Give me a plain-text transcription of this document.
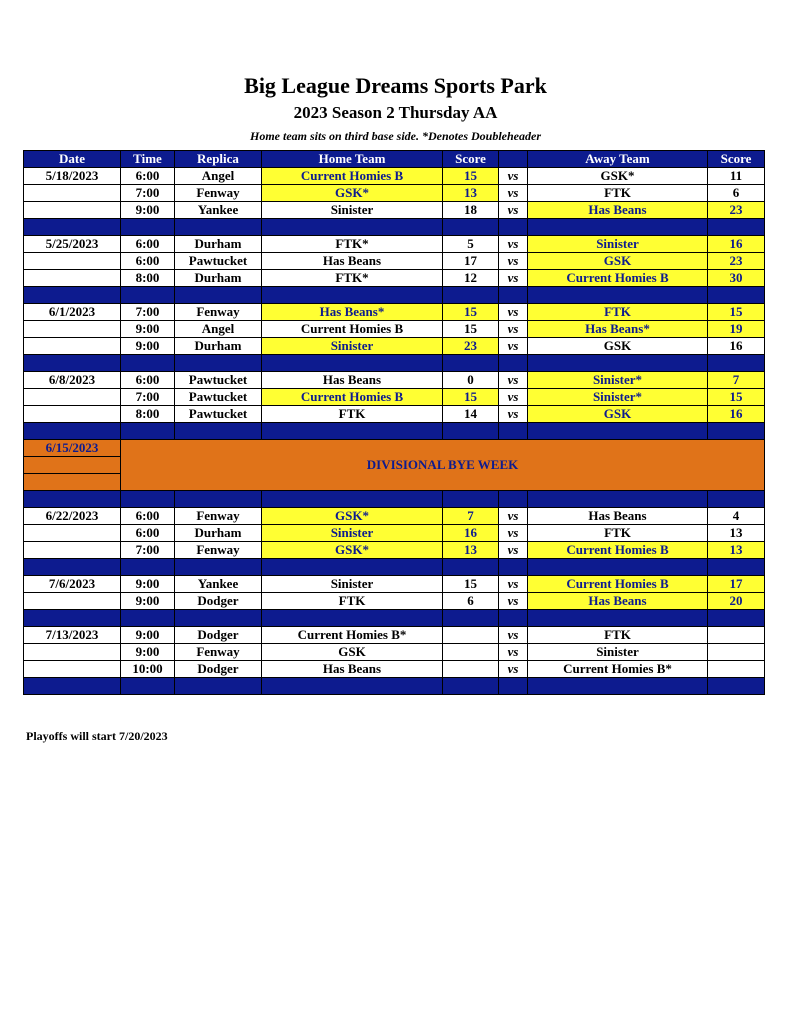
Big League Dreams Sports Park
2023 Season 2 Thursday AA
Home team sits on third base side. *Denotes Doubleheader
Date	Time	Replica	Home Team	Score		Away Team	Score
5/18/2023	6:00	Angel	Current Homies B	15	vs	GSK*	11
	7:00	Fenway	GSK*	13	vs	FTK	6
	9:00	Yankee	Sinister	18	vs	Has Beans	23

5/25/2023	6:00	Durham	FTK*	5	vs	Sinister	16
	6:00	Pawtucket	Has Beans	17	vs	GSK	23
	8:00	Durham	FTK*	12	vs	Current Homies B	30

6/1/2023	7:00	Fenway	Has Beans*	15	vs	FTK	15
	9:00	Angel	Current Homies B	15	vs	Has Beans*	19
	9:00	Durham	Sinister	23	vs	GSK	16

6/8/2023	6:00	Pawtucket	Has Beans	0	vs	Sinister*	7
	7:00	Pawtucket	Current Homies B	15	vs	Sinister*	15
	8:00	Pawtucket	FTK	14	vs	GSK	16

6/15/2023	DIVISIONAL BYE WEEK						

6/22/2023	6:00	Fenway	GSK*	7	vs	Has Beans	4
	6:00	Durham	Sinister	16	vs	FTK	13
	7:00	Fenway	GSK*	13	vs	Current Homies B	13

7/6/2023	9:00	Yankee	Sinister	15	vs	Current Homies B	17
	9:00	Dodger	FTK	6	vs	Has Beans	20

7/13/2023	9:00	Dodger	Current Homies B*		vs	FTK	
	9:00	Fenway	GSK		vs	Sinister	
	10:00	Dodger	Has Beans		vs	Current Homies B*	

Playoffs will start 7/20/2023
